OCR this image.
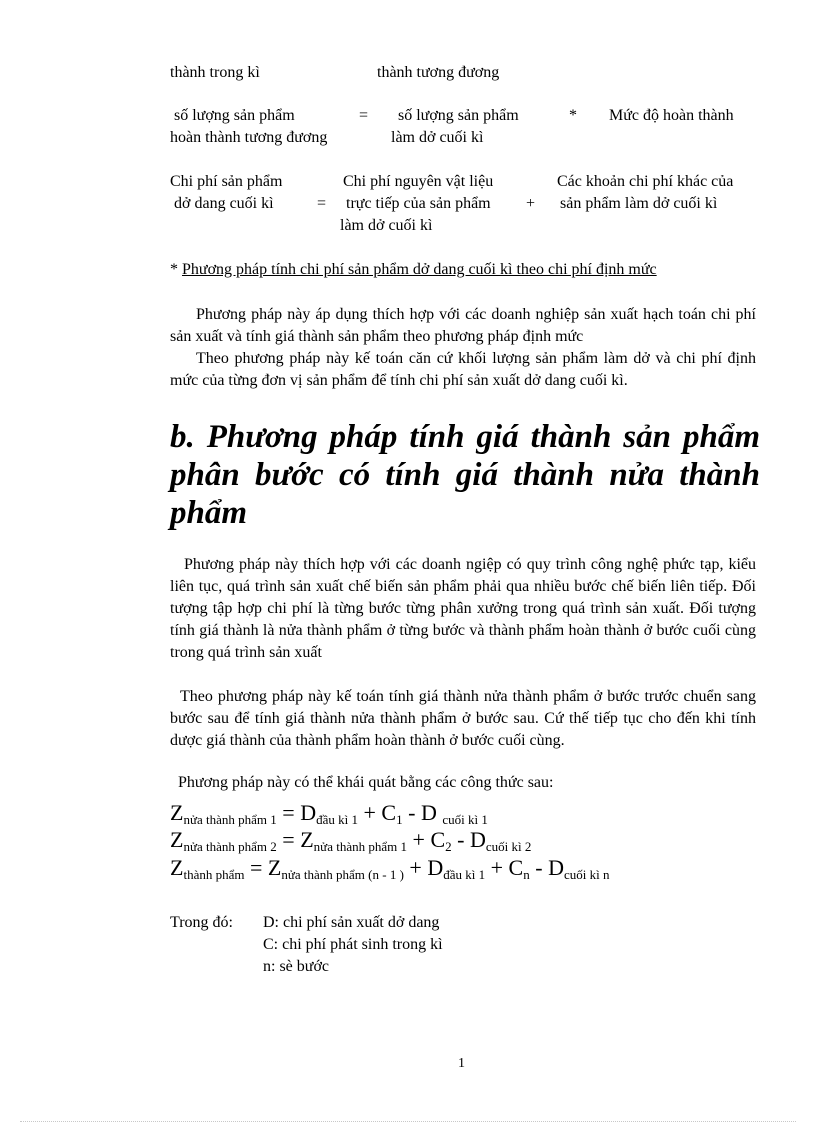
thành trong kì	thành tương đương
số lượng sản phẩm
hoàn thành tương đương
= số lượng sản phẩm
làm dở cuối kì
* Mức độ hoàn thành
Chi phí sản phẩm
dở dang cuối kì	=
Chi phí nguyên vật liệu
trực tiếp của sản phẩm
làm dở cuối kì
+
Các khoản chi phí khác của
sản phẩm làm dở cuối kì
* Phương pháp tính chi phí sản phẩm dở dang cuối kì theo chi phí định mức
Phương pháp này áp dụng thích hợp với các doanh nghiệp sản xuất hạch toán chi phí sản xuất và tính giá thành sản phẩm theo phương pháp định mức
Theo phương pháp này kế toán căn cứ khối lượng sản phẩm làm dở và chi phí định mức của từng đơn vị sản phẩm để tính chi phí sản xuất dở dang cuối kì.
b. Phương pháp tính giá thành sản phẩm phân bước có tính giá thành nửa thành phẩm
Phương pháp này thích hợp với các doanh ngiệp có quy trình công nghệ phức tạp, kiểu liên tục, quá trình sản xuất chế biến sản phẩm phải qua nhiều bước chế biến liên tiếp. Đối tượng tập hợp chi phí là từng bước từng phân xưởng trong quá trình sản xuất. Đối tượng tính giá thành là nửa thành phẩm ở từng bước và thành phẩm hoàn thành ở bước cuối cùng trong quá trình sản xuất
Theo phương pháp này kế toán tính giá thành nửa thành phẩm ở bước trước chuển sang bước sau để tính giá thành nửa thành phẩm ở bước sau. Cứ thế tiếp tục cho đến khi tính dược giá thành của thành phẩm hoàn thành ở bước cuối cùng.
Phương pháp này có thể khái quát bằng các công thức sau:
Znửa thành phẩm 1 = Dđầu kì 1 + C1 - D cuối kì 1
Znửa thành phẩm 2 = Znửa thành phẩm 1 + C2 - Dcuối kì 2
Zthành phẩm = Znửa thành phẩm (n - 1 ) + Dđầu kì 1 + Cn - Dcuối kì n
Trong đó: D: chi phí sản xuất dở dang
C: chi phí phát sinh trong kì
n: sè bước
1
